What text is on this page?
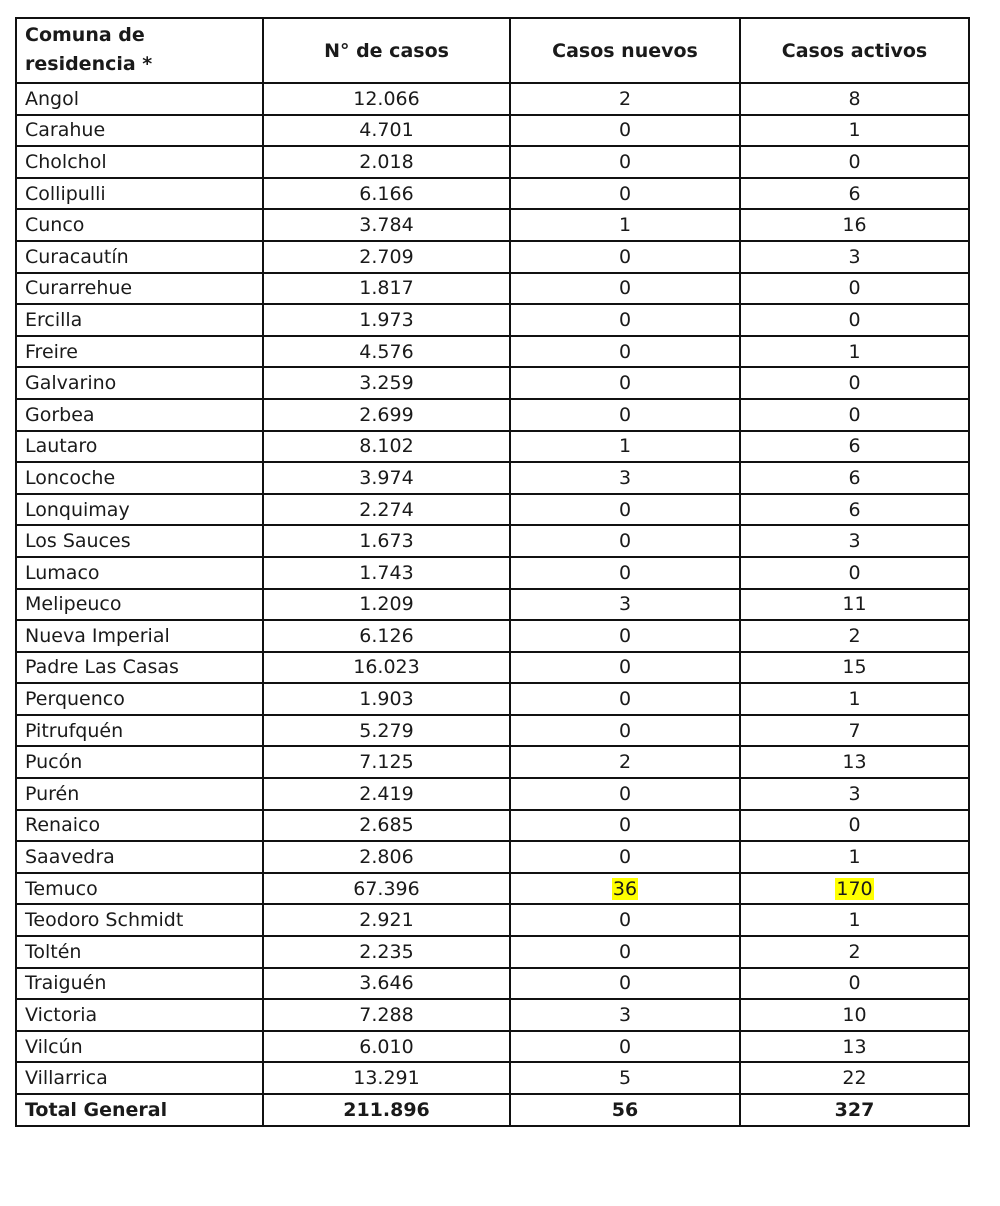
Comuna de residencia *	N° de casos	Casos nuevos	Casos activos
Angol	12.066	2	8
Carahue	4.701	0	1
Cholchol	2.018	0	0
Collipulli	6.166	0	6
Cunco	3.784	1	16
Curacautín	2.709	0	3
Curarrehue	1.817	0	0
Ercilla	1.973	0	0
Freire	4.576	0	1
Galvarino	3.259	0	0
Gorbea	2.699	0	0
Lautaro	8.102	1	6
Loncoche	3.974	3	6
Lonquimay	2.274	0	6
Los Sauces	1.673	0	3
Lumaco	1.743	0	0
Melipeuco	1.209	3	11
Nueva Imperial	6.126	0	2
Padre Las Casas	16.023	0	15
Perquenco	1.903	0	1
Pitrufquén	5.279	0	7
Pucón	7.125	2	13
Purén	2.419	0	3
Renaico	2.685	0	0
Saavedra	2.806	0	1
Temuco	67.396	36	170
Teodoro Schmidt	2.921	0	1
Toltén	2.235	0	2
Traiguén	3.646	0	0
Victoria	7.288	3	10
Vilcún	6.010	0	13
Villarrica	13.291	5	22
Total General	211.896	56	327
